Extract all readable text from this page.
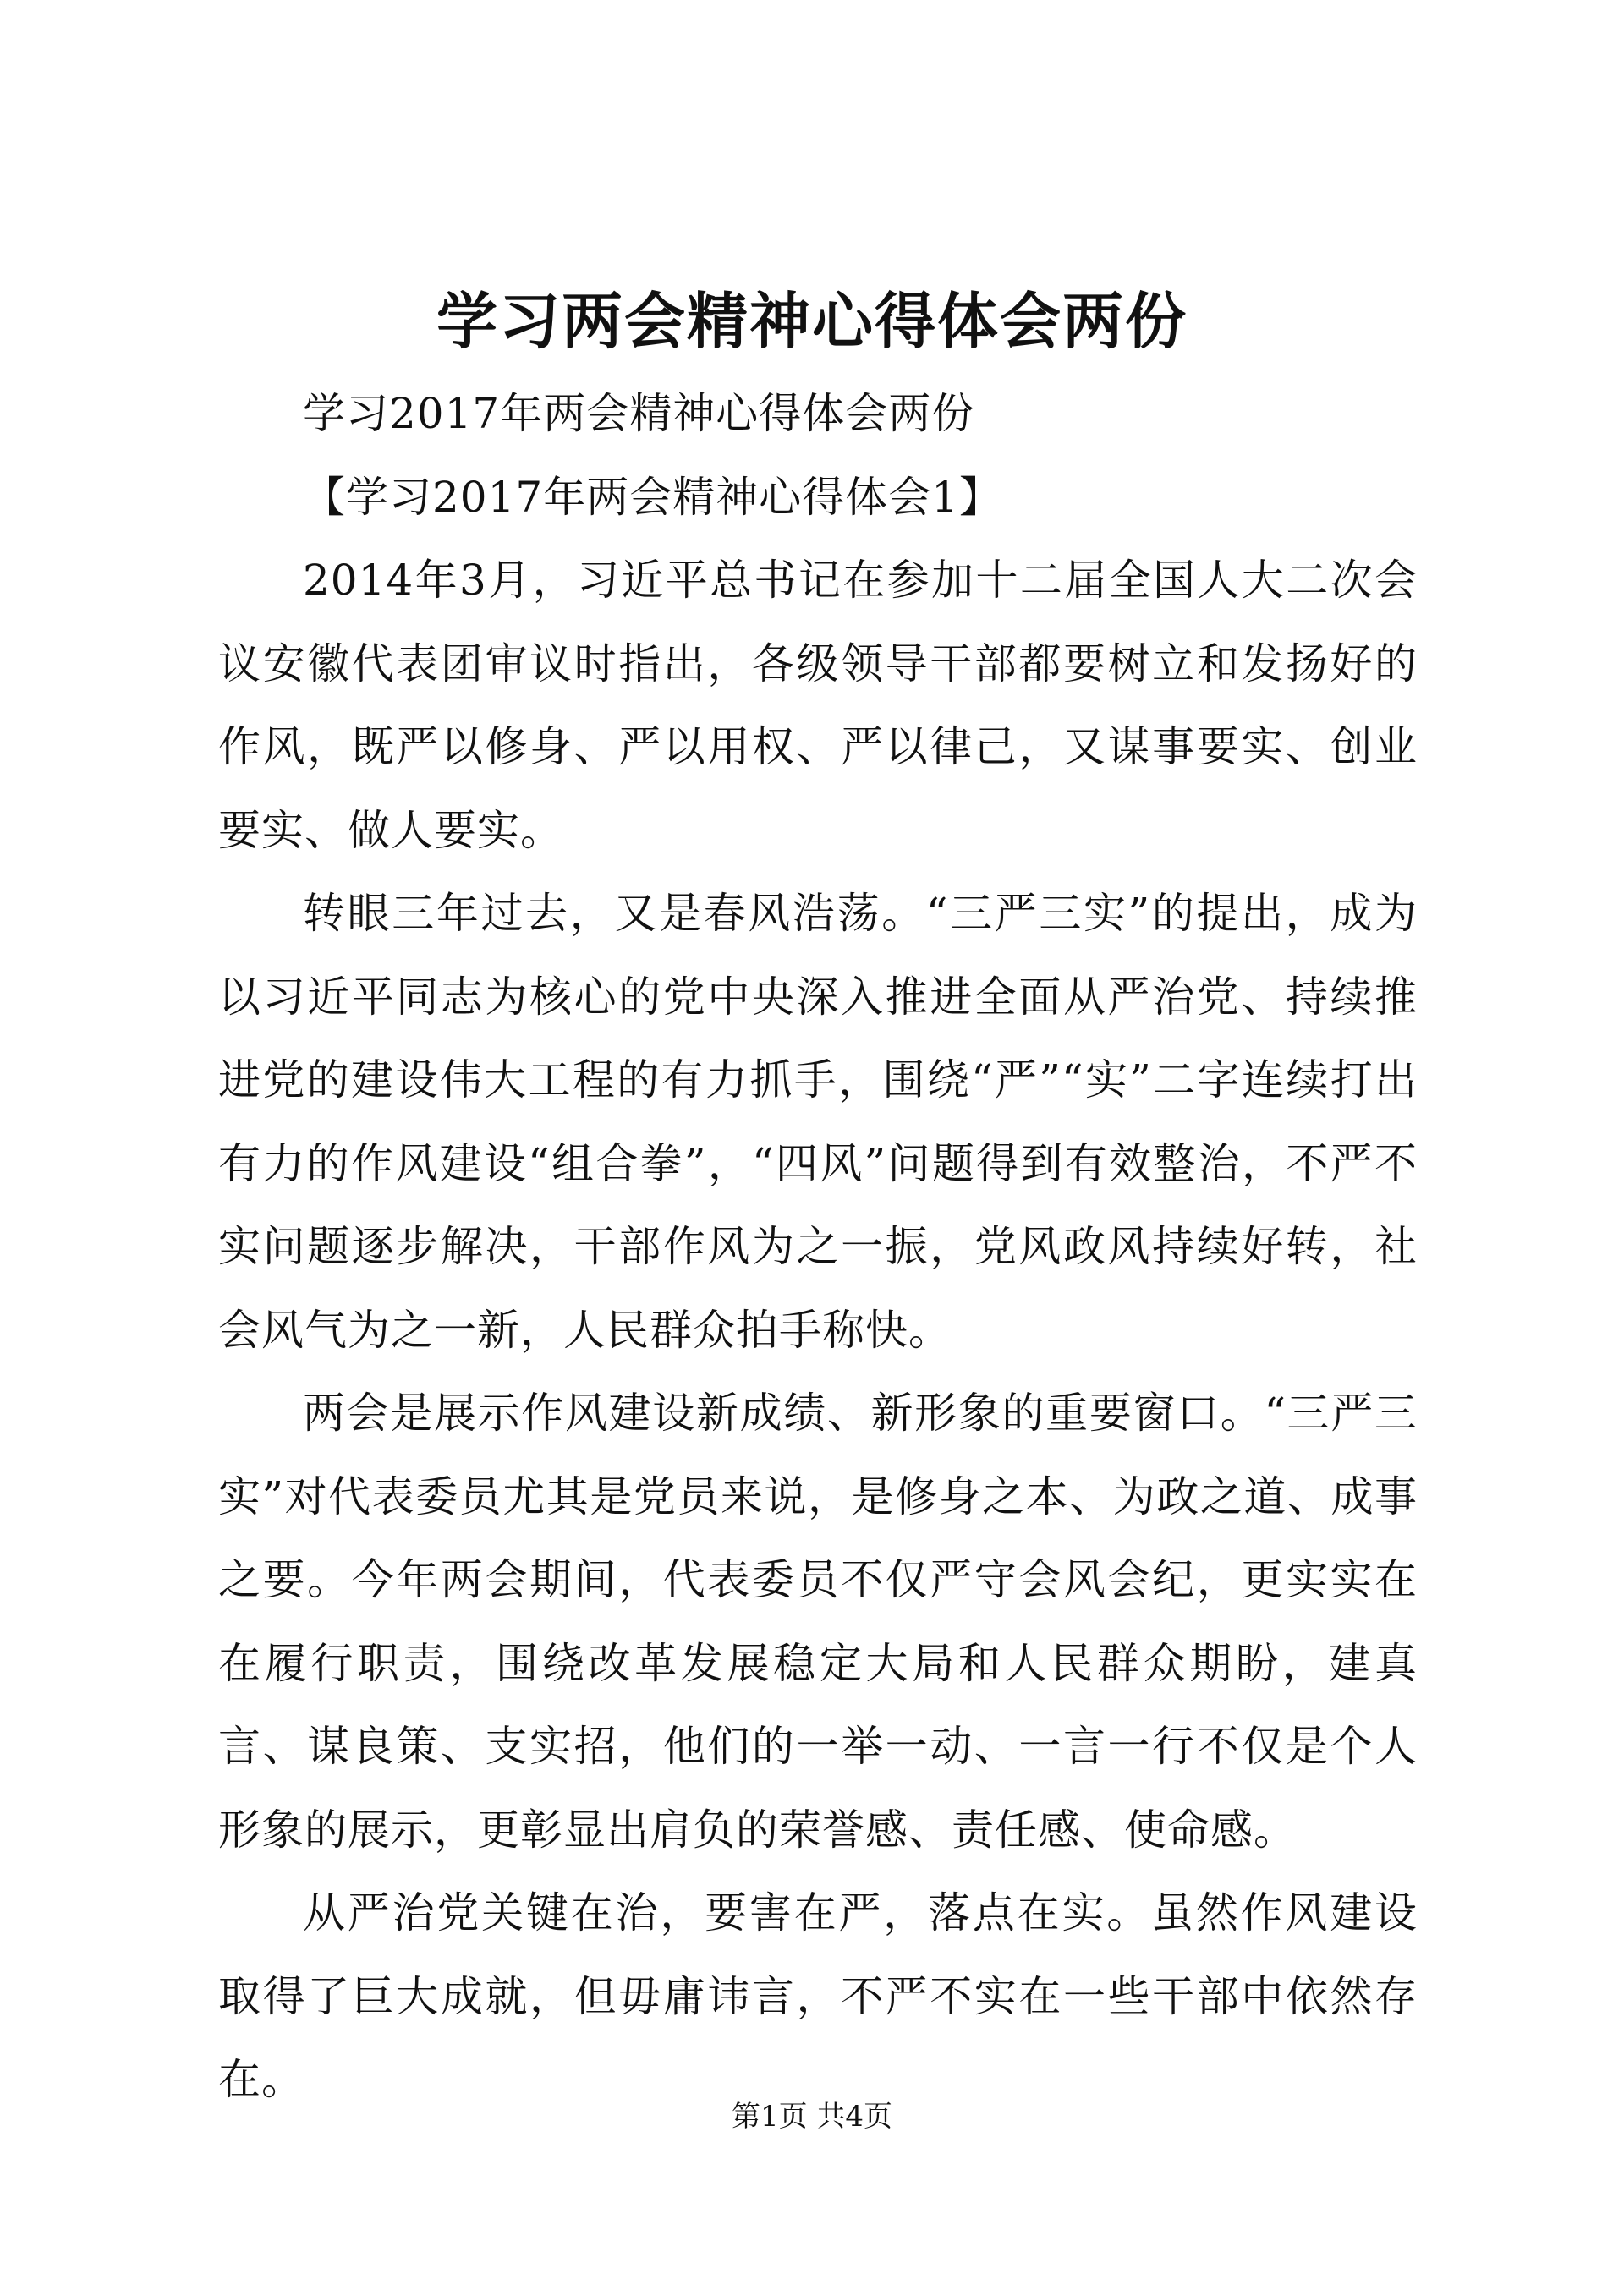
学习两会精神心得体会两份

学习2017年两会精神心得体会两份

【学习2017年两会精神心得体会1】

2014年3月，习近平总书记在参加十二届全国人大二次会议安徽代表团审议时指出，各级领导干部都要树立和发扬好的作风，既严以修身、严以用权、严以律己，又谋事要实、创业要实、做人要实。

转眼三年过去，又是春风浩荡。“三严三实”的提出，成为以习近平同志为核心的党中央深入推进全面从严治党、持续推进党的建设伟大工程的有力抓手，围绕“严”“实”二字连续打出有力的作风建设“组合拳”，“四风”问题得到有效整治，不严不实问题逐步解决，干部作风为之一振，党风政风持续好转，社会风气为之一新，人民群众拍手称快。

两会是展示作风建设新成绩、新形象的重要窗口。“三严三实”对代表委员尤其是党员来说，是修身之本、为政之道、成事之要。今年两会期间，代表委员不仅严守会风会纪，更实实在在履行职责，围绕改革发展稳定大局和人民群众期盼，建真言、谋良策、支实招，他们的一举一动、一言一行不仅是个人形象的展示，更彰显出肩负的荣誉感、责任感、使命感。

从严治党关键在治，要害在严，落点在实。虽然作风建设取得了巨大成就，但毋庸讳言，不严不实在一些干部中依然存在。

第1页 共4页
